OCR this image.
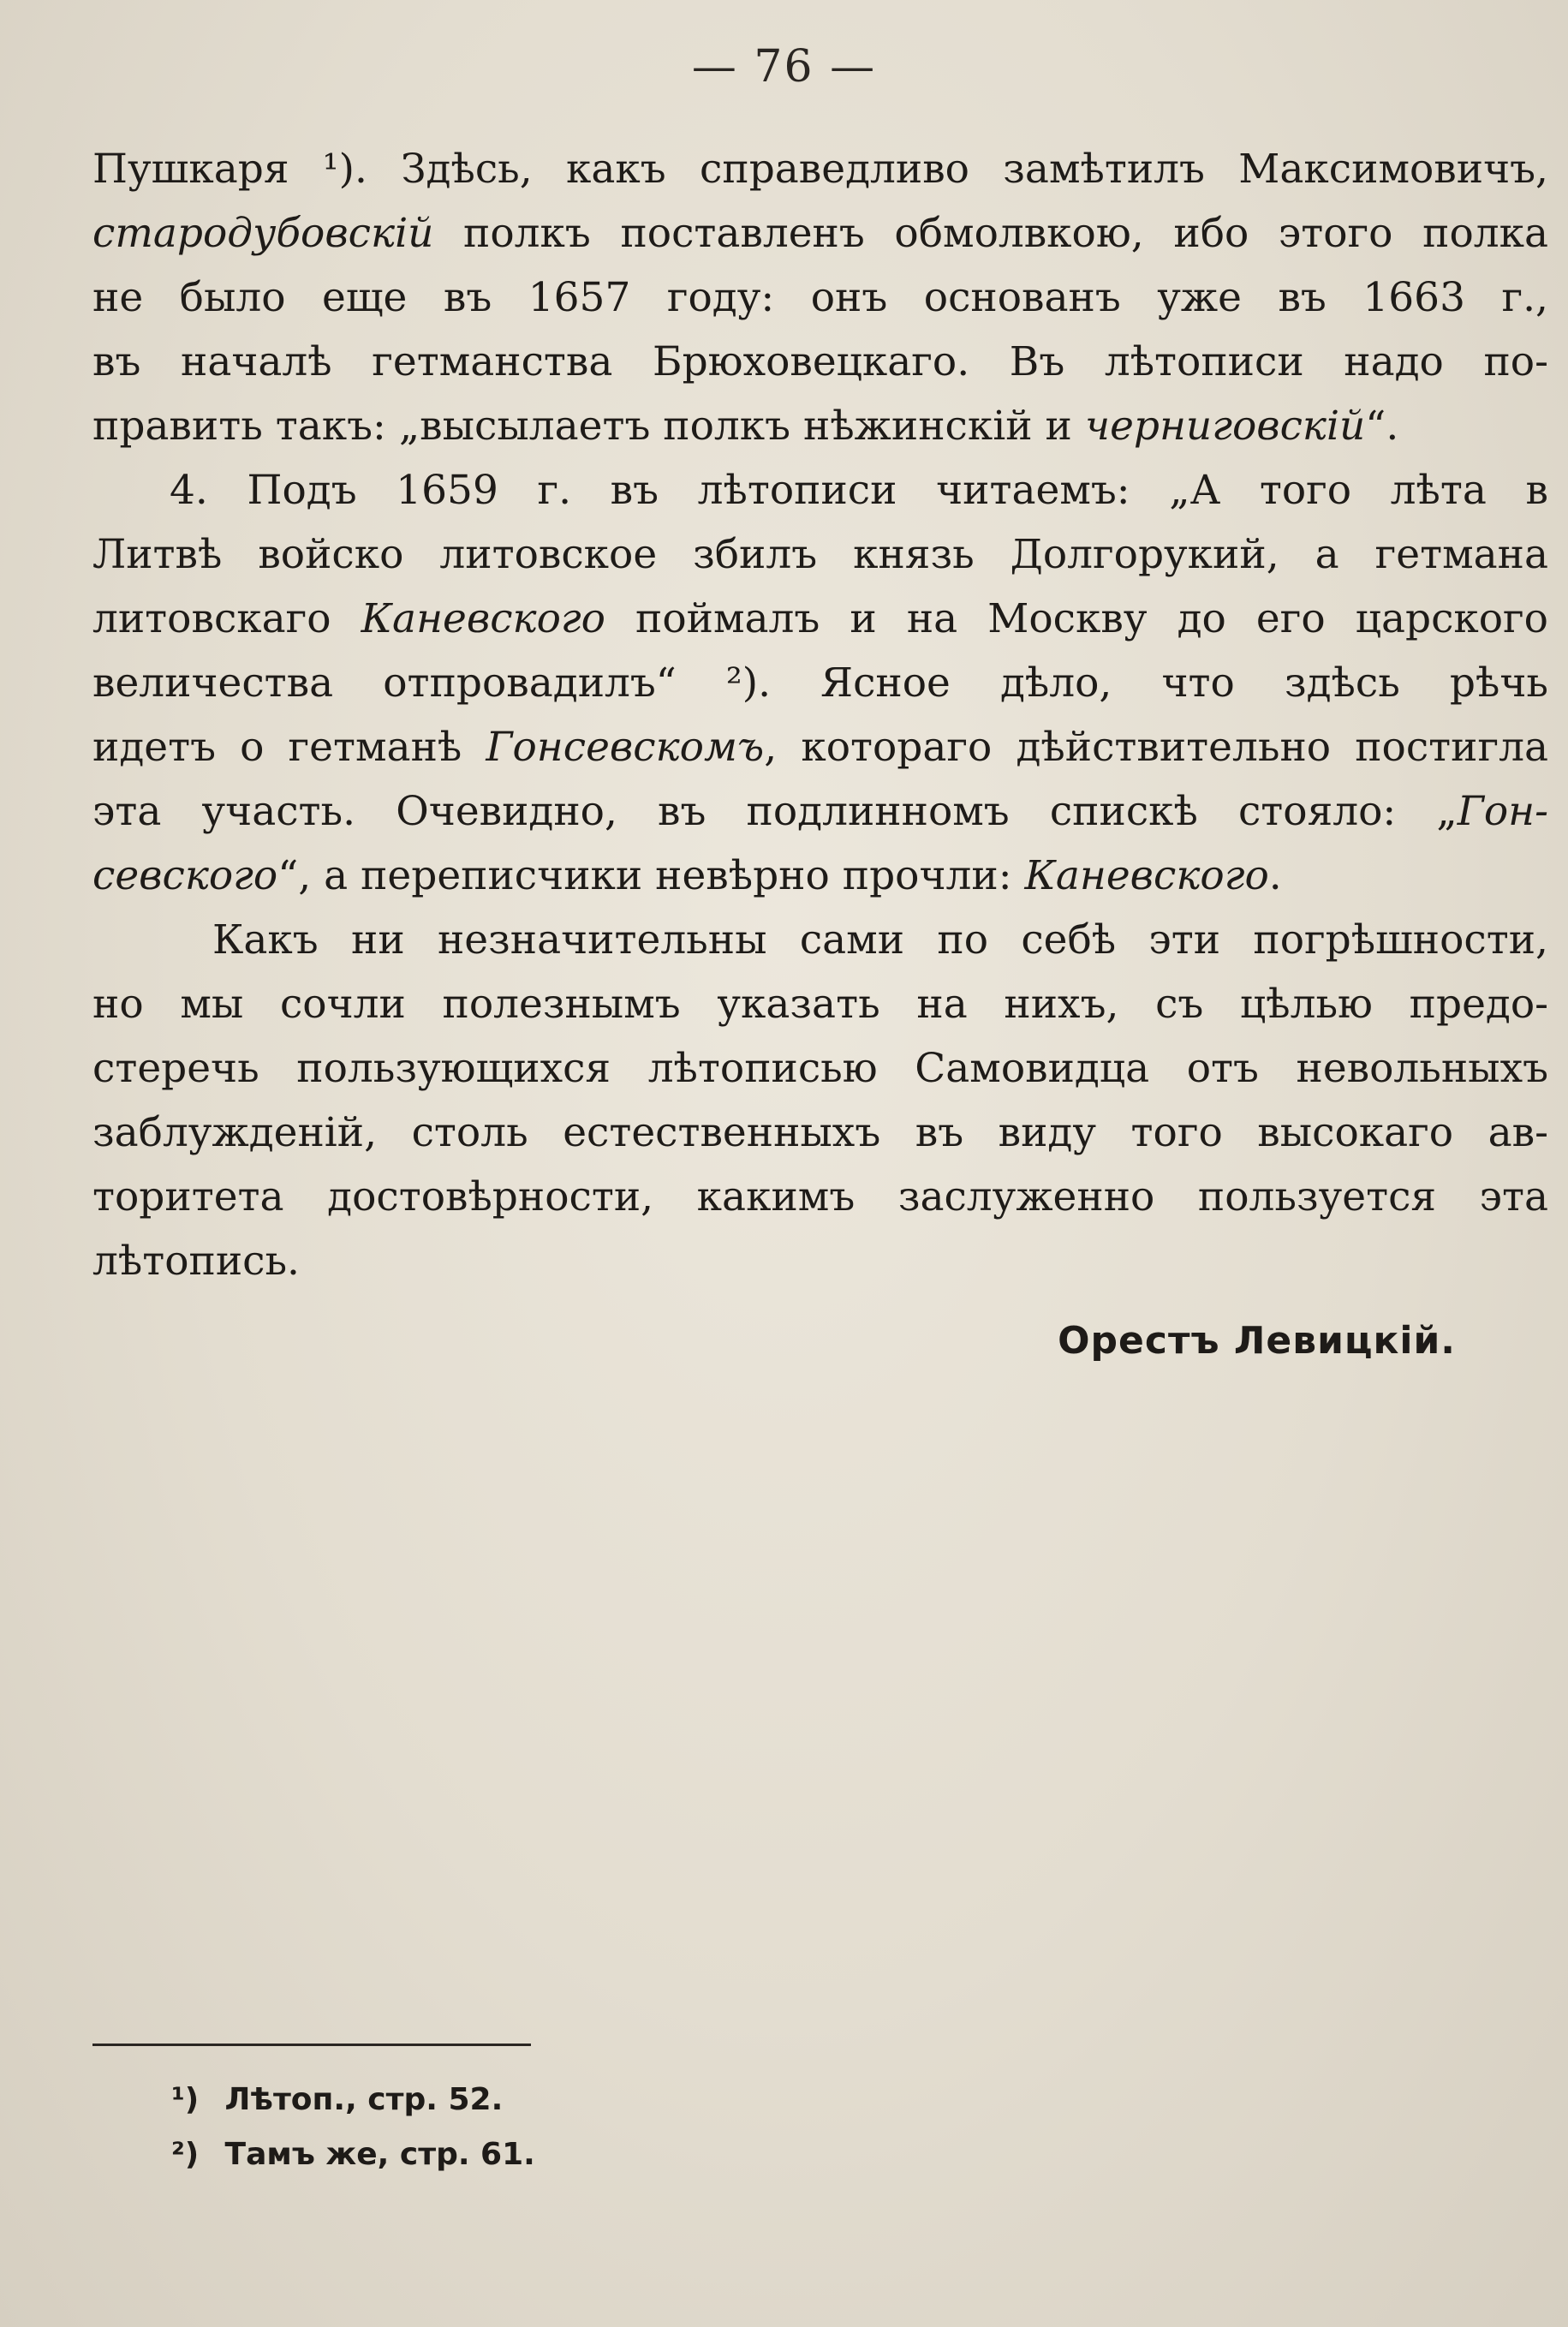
— 76 —
Пушкаря ¹). Здѣсь, какъ справедливо замѣтилъ Максимовичъ,
стародубовскій полкъ поставленъ обмолвкою, ибо этого полка
не было еще въ 1657 году: онъ основанъ уже въ 1663 г.,
въ началѣ гетманства Брюховецкаго. Въ лѣтописи надо по-
править такъ: „высылаетъ полкъ нѣжинскій и черниговскій“.
4. Подъ 1659 г. въ лѣтописи читаемъ: „А того лѣта в
Литвѣ войско литовское збилъ князь Долгорукий, а гетмана
литовскаго Каневского поймалъ и на Москву до его царского
величества отпровадилъ“ ²). Ясное дѣло, что здѣсь рѣчь
идетъ о гетманѣ Гонсевскомъ, котораго дѣйствительно постигла
эта участь. Очевидно, въ подлинномъ спискѣ стояло: „Гон-
севского“, а переписчики невѣрно прочли: Каневского.
Какъ ни незначительны сами по себѣ эти погрѣшности,
но мы сочли полезнымъ указать на нихъ, съ цѣлью предо-
стеречь пользующихся лѣтописью Самовидца отъ невольныхъ
заблужденій, столь естественныхъ въ виду того высокаго ав-
торитета достовѣрности, какимъ заслуженно пользуется эта
лѣтопись.
Орестъ Левицкій.
¹) Лѣтоп., стр. 52.
²) Тамъ же, стр. 61.
